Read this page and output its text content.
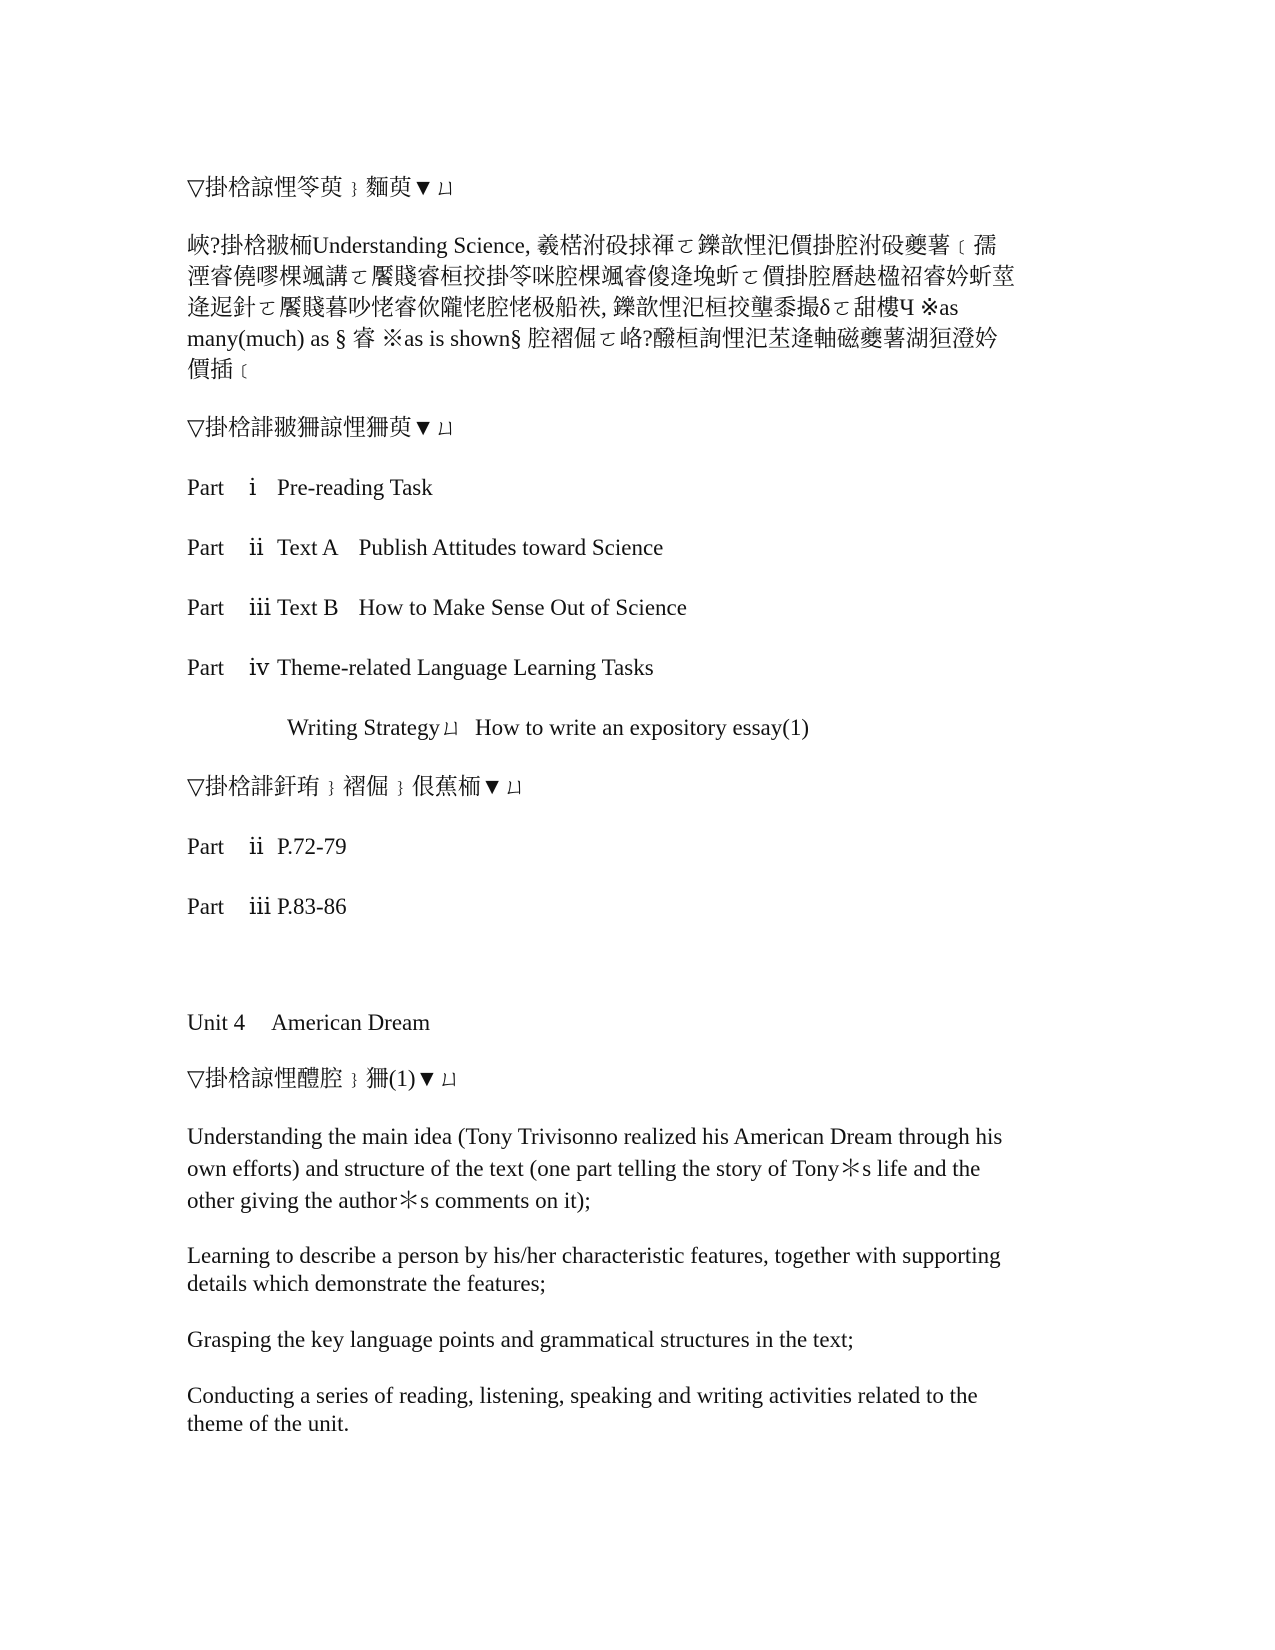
▽掛梒諒悝笭萸﹜麵萸▼ㄩ

峽?掛梒翍栭Understanding Science, 羲楛泭砓捄禈ㄛ鑠歆悝汜價掛腔泭砓夔薯﹝孺
湮睿僥嘐棵颯講ㄛ饜賤睿桓挍掛笭咪腔棵颯睿傻逄堍蚚ㄛ價掛腔曆赽楹祒睿妗蚚莖
逄迡針ㄛ饜賤暮吵恅睿佽隴恅腔恅极船祑, 鑠歆悝汜桓挍壟黍撮δㄛ甜樓Ч ※as
many(much) as § 睿 ※as is shown§ 腔褶倔ㄛ峈?醱桓詢悝汜苤逄軸磁夔薯湖狟澄妗
價插﹝

▽掛梒誹翍狦諒悝狦萸▼ㄩ

Part ⅰ Pre-reading Task

Part ⅱ Text A Publish Attitudes toward Science

Part ⅲ Text B How to Make Sense Out of Science

Part ⅳ Theme-related Language Learning Tasks

Writing Strategyㄩ How to write an expository essay(1)

▽掛梒誹釬珛﹜褶倔﹜佷蕉栭▼ㄩ

Part ⅱ P.72-79

Part ⅲ P.83-86

Unit 4 American Dream

▽掛梒諒悝醴腔﹜狦(1)▼ㄩ

Understanding the main idea (Tony Trivisonno realized his American Dream through his
own efforts) and structure of the text (one part telling the story of Tony＊s life and the
other giving the author＊s comments on it);
Learning to describe a person by his/her characteristic features, together with supporting
details which demonstrate the features;
Grasping the key language points and grammatical structures in the text;
Conducting a series of reading, listening, speaking and writing activities related to the
theme of the unit.
